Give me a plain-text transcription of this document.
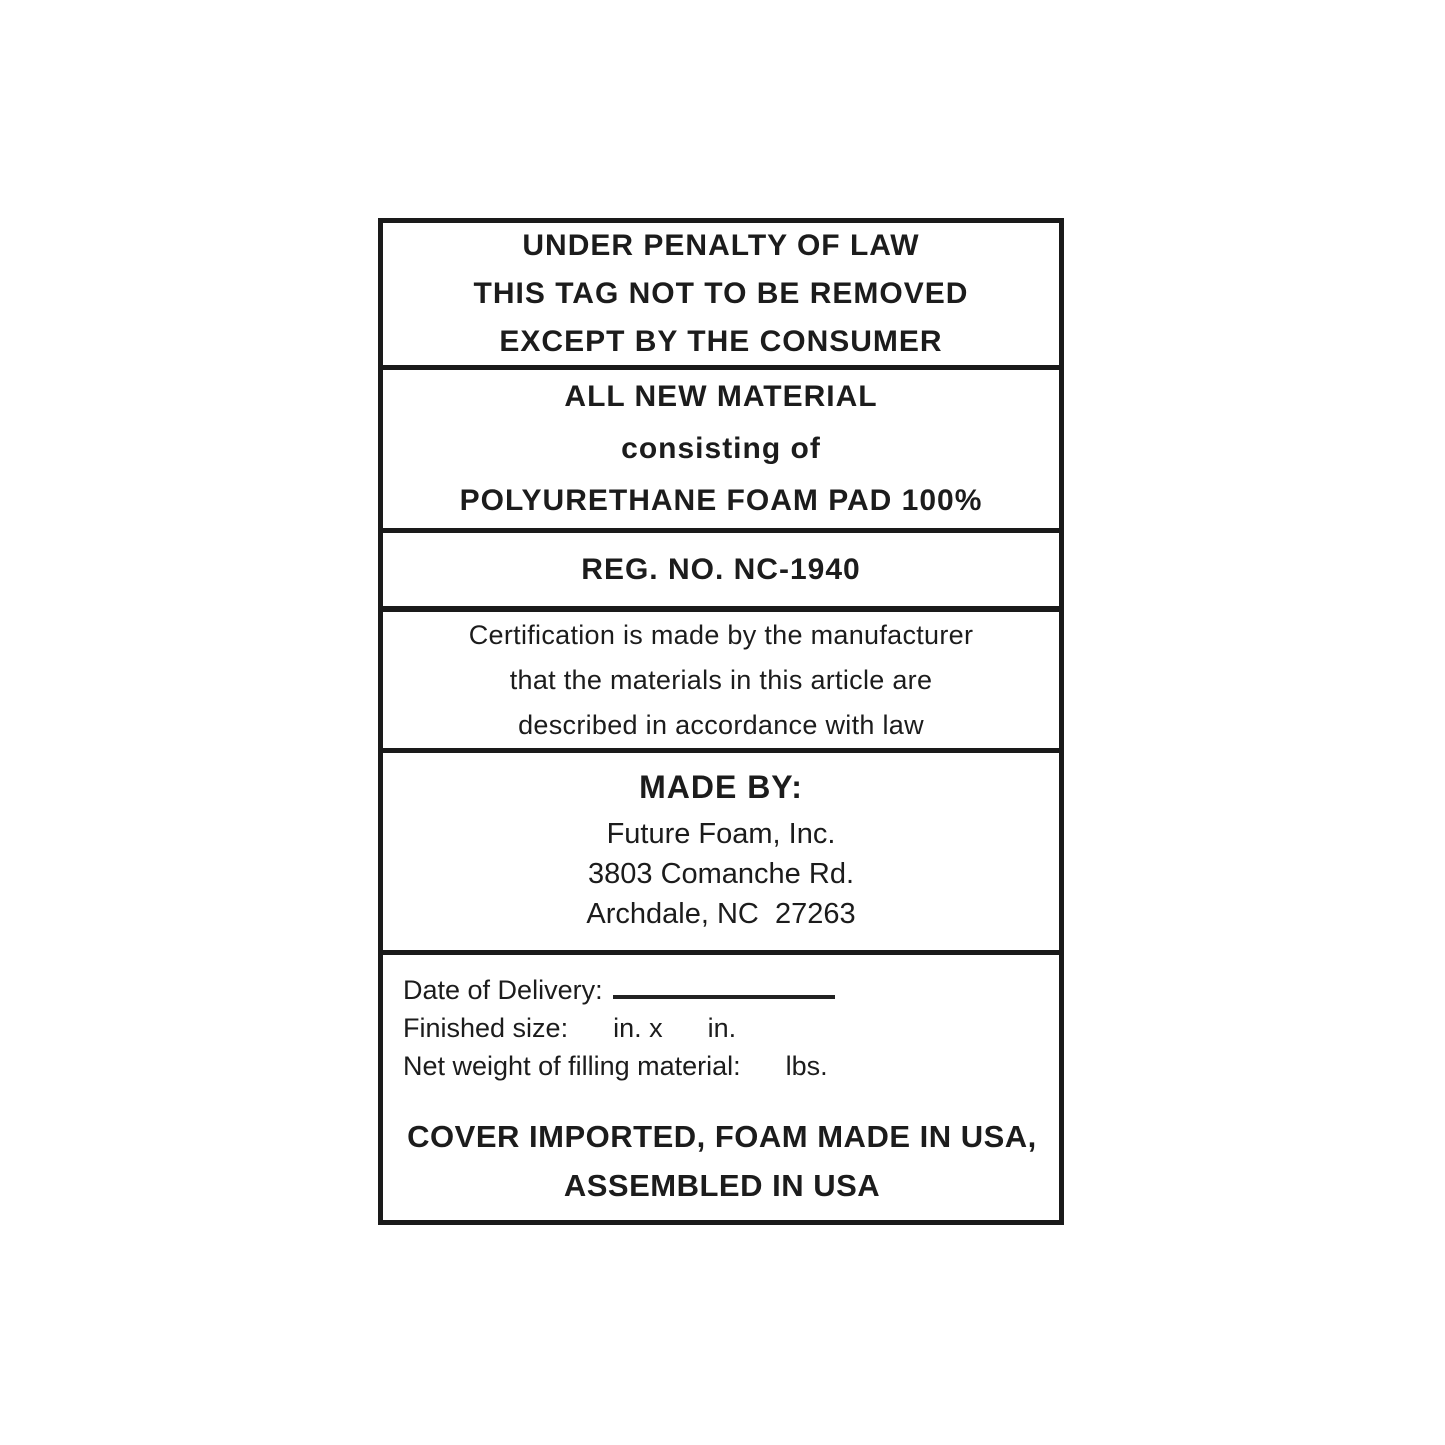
UNDER PENALTY OF LAW
THIS TAG NOT TO BE REMOVED
EXCEPT BY THE CONSUMER
ALL NEW MATERIAL
consisting of
POLYURETHANE FOAM PAD 100%
REG. NO. NC-1940
Certification is made by the manufacturer
that the materials in this article are
described in accordance with law
MADE BY:
Future Foam, Inc.
3803 Comanche Rd.
Archdale, NC  27263
Date of Delivery:
Finished size:      in. x      in.
Net weight of filling material:      lbs.
COVER IMPORTED, FOAM MADE IN USA,
ASSEMBLED IN USA
